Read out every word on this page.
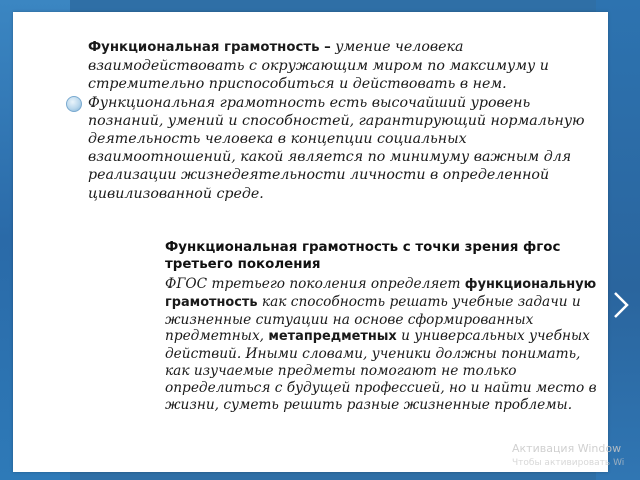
Функциональная грамотность – умение человека взаимодействовать с окружающим миром по максимуму и стремительно приспособиться и действовать в нем. Функциональная грамотность есть высочайший уровень познаний, умений и способностей, гарантирующий нормальную деятельность человека в концепции социальных взаимоотношений, какой является по минимуму важным для реализации жизнедеятельности личности в определенной цивилизованной среде.
Функциональная грамотность с точки зрения фгос третьего поколения
ФГОС третьего поколения определяет функциональную грамотность как способность решать учебные задачи и жизненные ситуации на основе сформированных предметных, метапредметных и универсальных учебных действий. Иными словами, ученики должны понимать, как изучаемые предметы помогают не только определиться с будущей профессией, но и найти место в жизни, суметь решить разные жизненные проблемы.
Активация Window
Чтобы активировать Wi
